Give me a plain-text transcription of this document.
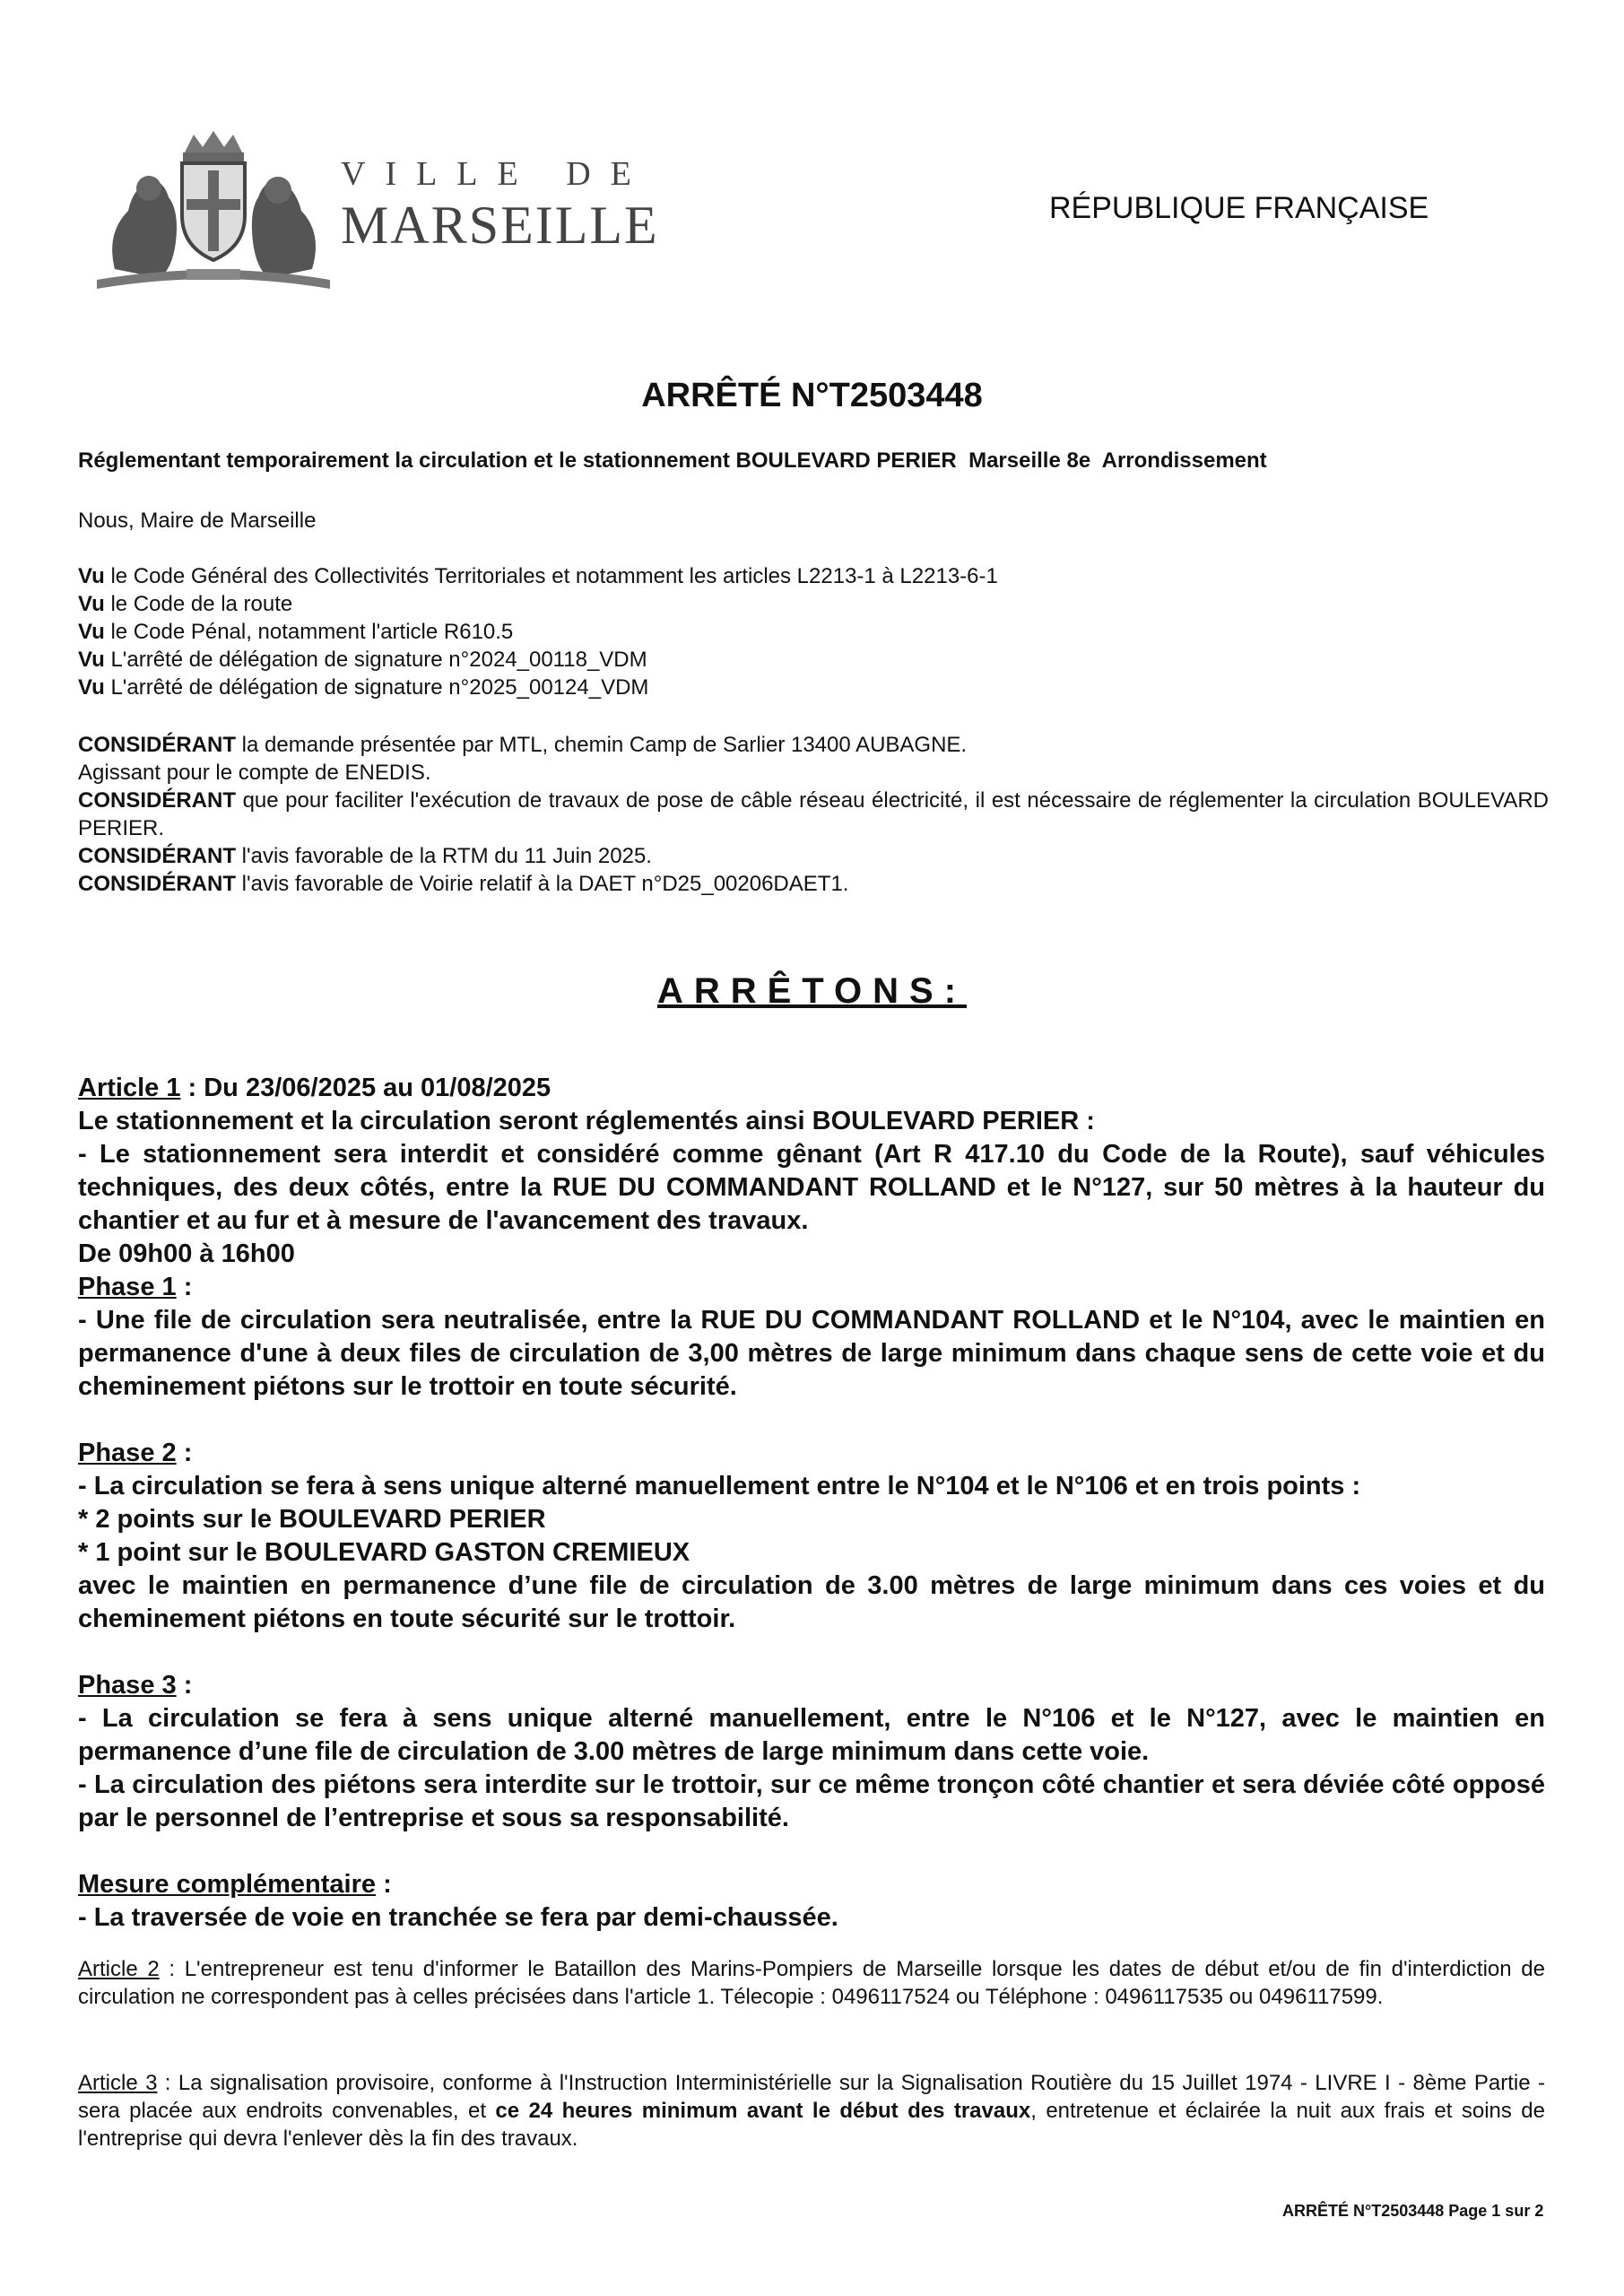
VILLE DE
MARSEILLE	RÉPUBLIQUE FRANÇAISE
ARRÊTÉ N°T2503448
Réglementant temporairement la circulation et le stationnement BOULEVARD PERIER  Marseille 8e  Arrondissement

Nous, Maire de Marseille

Vu le Code Général des Collectivités Territoriales et notamment les articles L2213-1 à L2213-6-1

Vu le Code de la route

Vu le Code Pénal, notamment l'article R610.5

Vu L'arrêté de délégation de signature n°2024_00118_VDM

Vu L'arrêté de délégation de signature n°2025_00124_VDM

CONSIDÉRANT la demande présentée par MTL, chemin Camp de Sarlier 13400 AUBAGNE.

Agissant pour le compte de ENEDIS.

CONSIDÉRANT que pour faciliter l'exécution de travaux de pose de câble réseau électricité, il est nécessaire de réglementer la circulation BOULEVARD PERIER.

CONSIDÉRANT l'avis favorable de la RTM du 11 Juin 2025.

CONSIDÉRANT l'avis favorable de Voirie relatif à la DAET n°D25_00206DAET1.

ARRÊTONS:

Article 1 : Du 23/06/2025 au 01/08/2025

Le stationnement et la circulation seront réglementés ainsi BOULEVARD PERIER :

- Le stationnement sera interdit et considéré comme gênant (Art R 417.10 du Code de la Route), sauf véhicules techniques, des deux côtés, entre la RUE DU COMMANDANT ROLLAND et le N°127, sur 50 mètres à la hauteur du chantier et au fur et à mesure de l'avancement des travaux.

De 09h00 à 16h00

Phase 1 :

- Une file de circulation sera neutralisée, entre la RUE DU COMMANDANT ROLLAND et le N°104, avec le maintien en permanence d'une à deux files de circulation de 3,00 mètres de large minimum dans chaque sens de cette voie et du cheminement piétons sur le trottoir en toute sécurité.

Phase 2 :

- La circulation se fera à sens unique alterné manuellement entre le N°104 et le N°106 et en trois points :

* 2 points sur le BOULEVARD PERIER

* 1 point sur le BOULEVARD GASTON CREMIEUX

avec le maintien en permanence d’une file de circulation de 3.00 mètres de large minimum dans ces voies et du cheminement piétons en toute sécurité sur le trottoir.

Phase 3 :

- La circulation se fera à sens unique alterné manuellement, entre le N°106 et le N°127, avec le maintien en permanence d’une file de circulation de 3.00 mètres de large minimum dans cette voie.

- La circulation des piétons sera interdite sur le trottoir, sur ce même tronçon côté chantier et sera déviée côté opposé par le personnel de l’entreprise et sous sa responsabilité.

Mesure complémentaire :

- La traversée de voie en tranchée se fera par demi-chaussée.

Article 2 : L'entrepreneur est tenu d'informer le Bataillon des Marins-Pompiers de Marseille lorsque les dates de début et/ou de fin d'interdiction de circulation ne correspondent pas à celles précisées dans l'article 1. Télecopie : 0496117524 ou Téléphone : 0496117535 ou 0496117599.

Article 3 : La signalisation provisoire, conforme à l'Instruction Interministérielle sur la Signalisation Routière du 15 Juillet 1974 - LIVRE I - 8ème Partie - sera placée aux endroits convenables, et ce 24 heures minimum avant le début des travaux, entretenue et éclairée la nuit aux frais et soins de l'entreprise qui devra l'enlever dès la fin des travaux.

ARRÊTÉ N°T2503448 Page 1 sur 2
